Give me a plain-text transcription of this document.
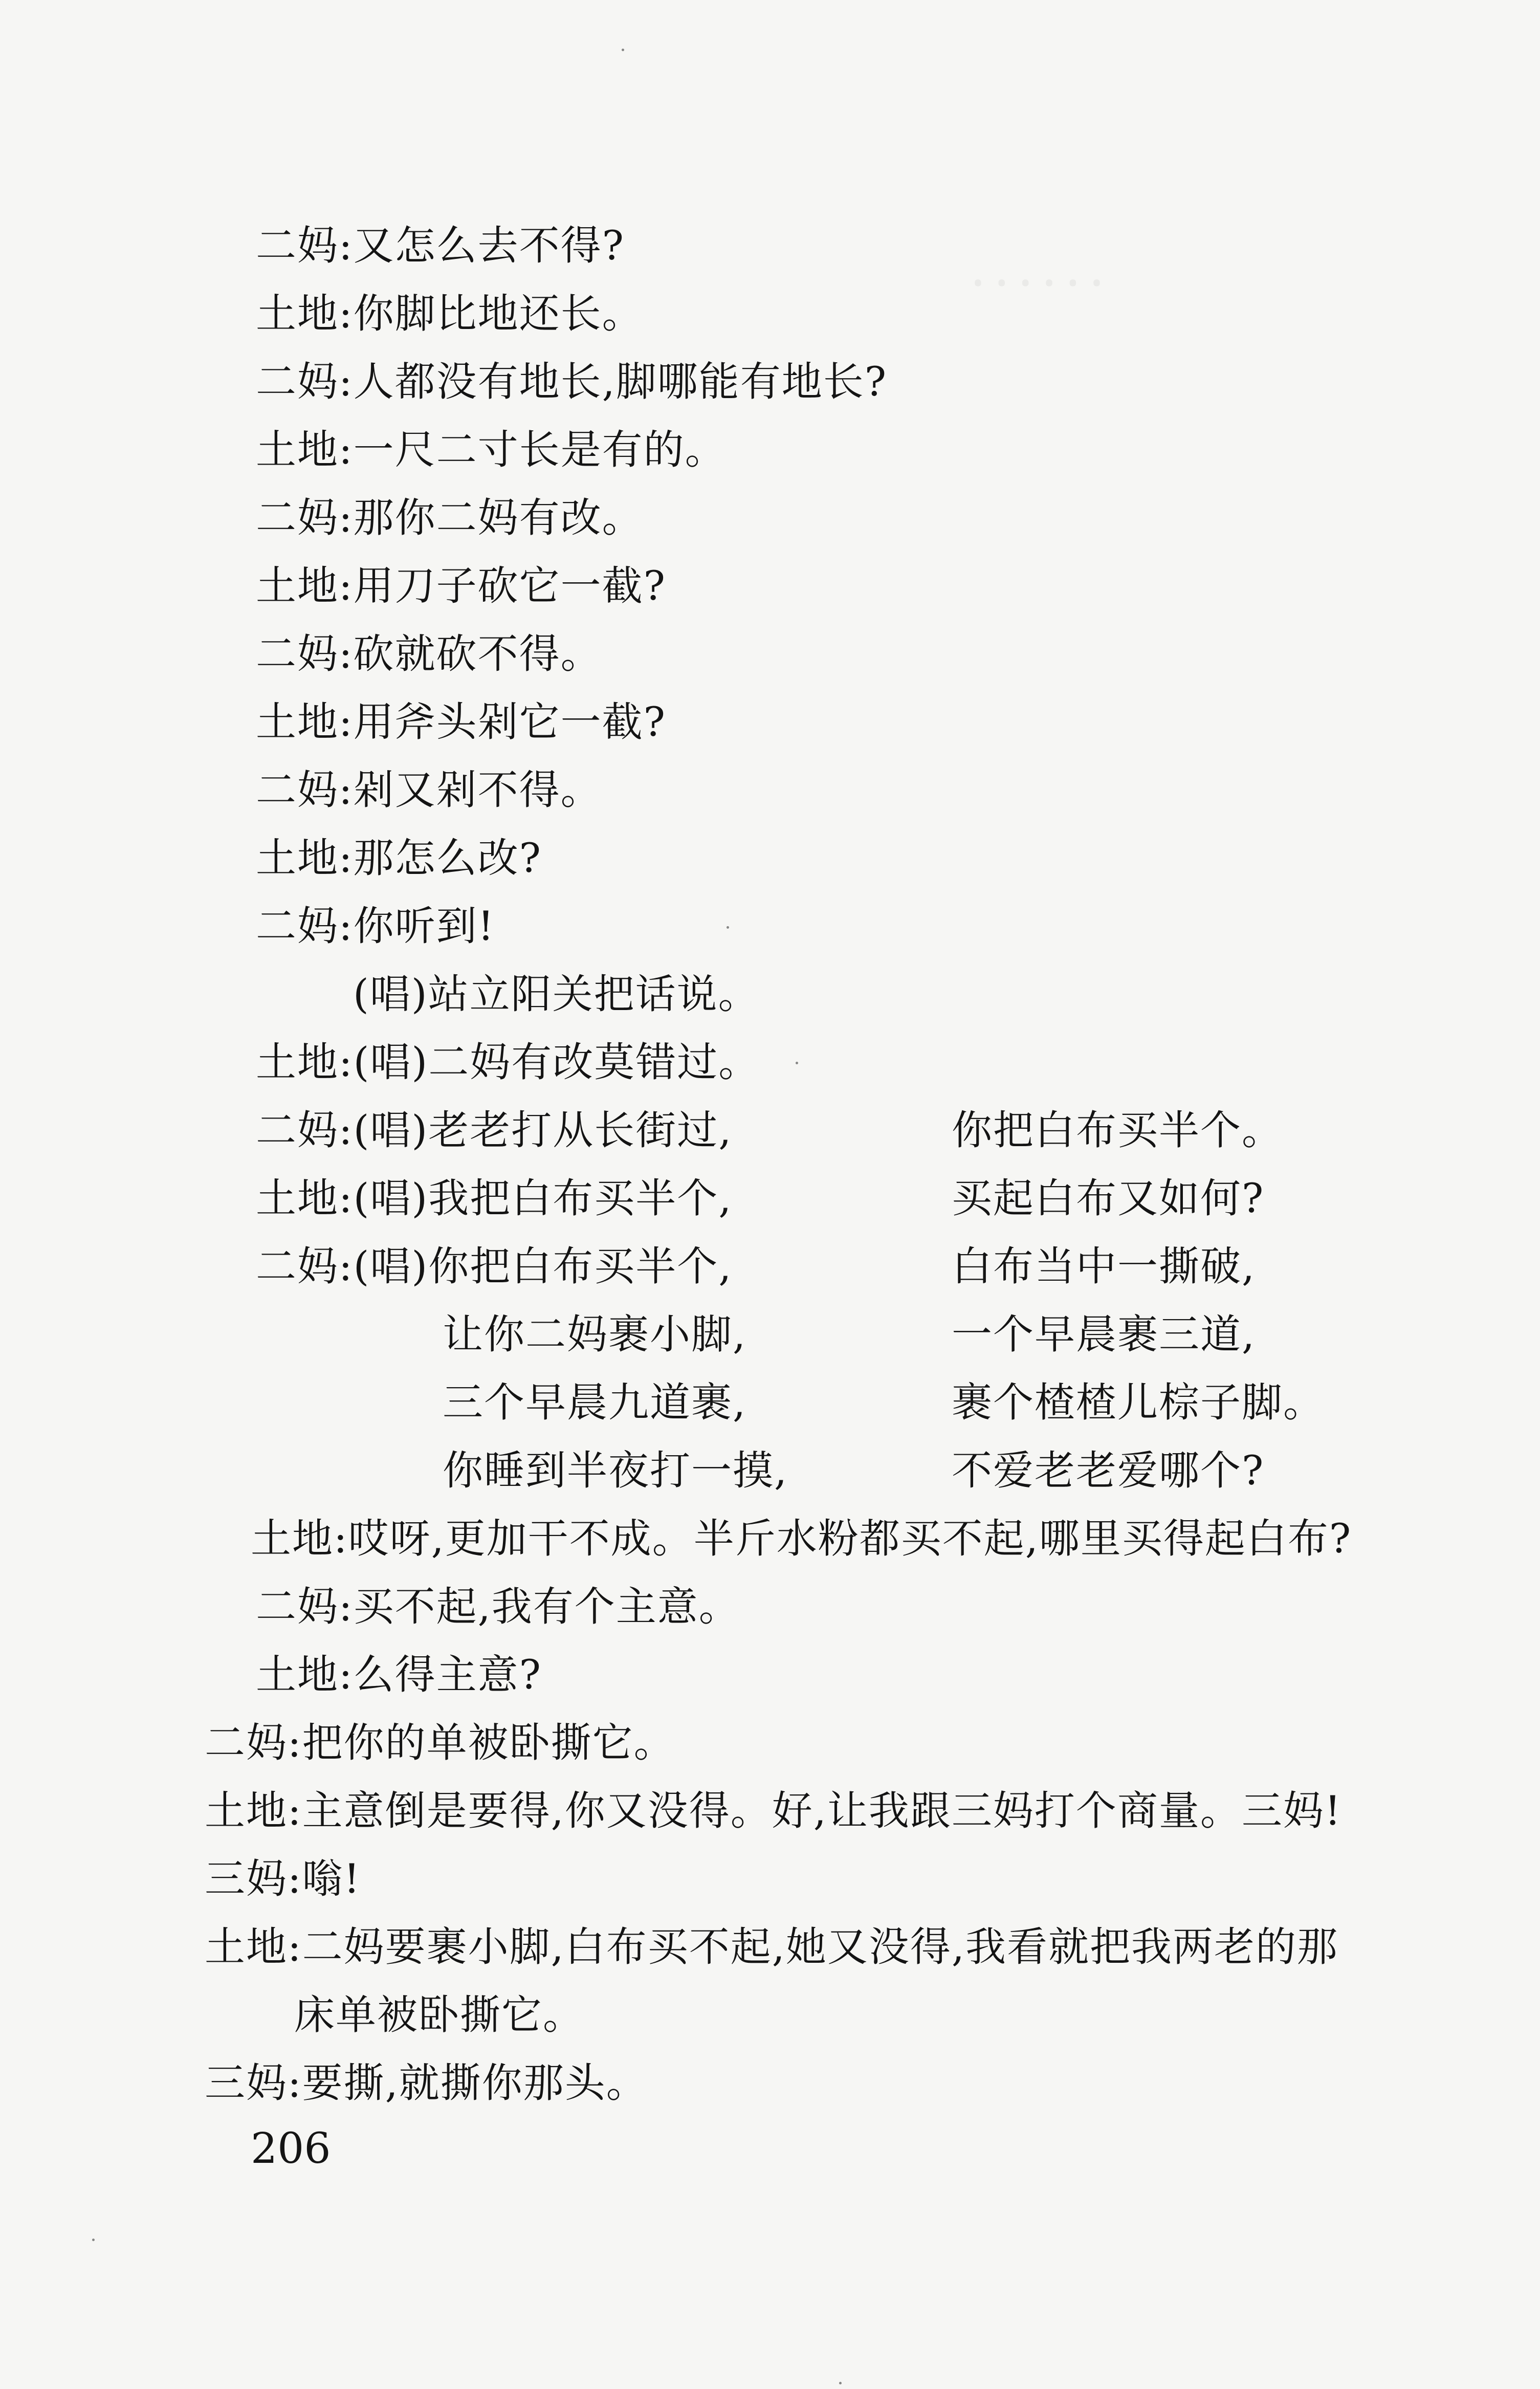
ꞏ ꞏ ꞏ ꞏ ꞏ ꞏ
二妈:又怎么去不得?
土地:你脚比地还长。
二妈:人都没有地长,脚哪能有地长?
土地:一尺二寸长是有的。
二妈:那你二妈有改。
土地:用刀子砍它一截?
二妈:砍就砍不得。
土地:用斧头剁它一截?
二妈:剁又剁不得。
土地:那怎么改?
二妈:你听到!
(唱)站立阳关把话说。
土地:(唱)二妈有改莫错过。
二妈:(唱)老老打从长街过,	你把白布买半个。
土地:(唱)我把白布买半个,	买起白布又如何?
二妈:(唱)你把白布买半个,	白布当中一撕破,
让你二妈裹小脚,	一个早晨裹三道,
三个早晨九道裹,	裹个楂楂儿棕子脚。
你睡到半夜打一摸,	不爱老老爱哪个?
土地:哎呀,更加干不成。半斤水粉都买不起,哪里买得起白布?
二妈:买不起,我有个主意。
土地:么得主意?
二妈:把你的单被卧撕它。
土地:主意倒是要得,你又没得。好,让我跟三妈打个商量。三妈!
三妈:嗡!
土地:二妈要裹小脚,白布买不起,她又没得,我看就把我两老的那
床单被卧撕它。
三妈:要撕,就撕你那头。
206
